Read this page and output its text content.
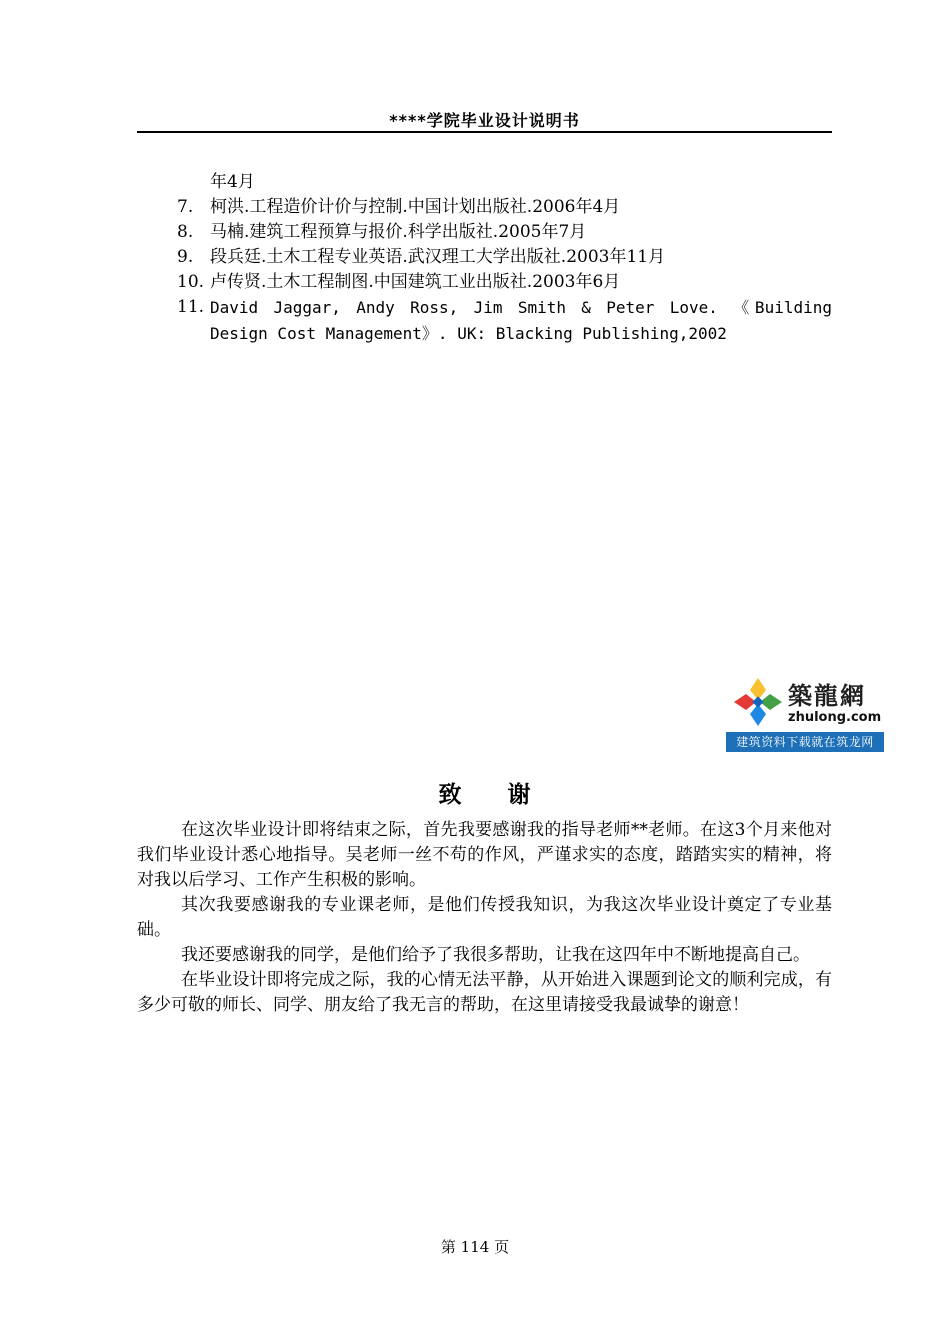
****学院毕业设计说明书
年4月
7. 柯洪.工程造价计价与控制.中国计划出版社.2006年4月
8. 马楠.建筑工程预算与报价.科学出版社.2005年7月
9. 段兵廷.土木工程专业英语.武汉理工大学出版社.2003年11月
10. 卢传贤.土木工程制图.中国建筑工业出版社.2003年6月
11. David Jaggar, Andy Ross, Jim Smith & Peter Love. 《Building Design Cost Management》. UK: Blacking Publishing,2002
築龍網
zhulong.com
建筑资料下载就在筑龙网
致　　谢

在这次毕业设计即将结束之际，首先我要感谢我的指导老师**老师。在这3个月来他对我们毕业设计悉心地指导。吴老师一丝不苟的作风，严谨求实的态度，踏踏实实的精神，将对我以后学习、工作产生积极的影响。

其次我要感谢我的专业课老师，是他们传授我知识，为我这次毕业设计奠定了专业基础。

我还要感谢我的同学，是他们给予了我很多帮助，让我在这四年中不断地提高自己。

在毕业设计即将完成之际，我的心情无法平静，从开始进入课题到论文的顺利完成，有多少可敬的师长、同学、朋友给了我无言的帮助，在这里请接受我最诚挚的谢意！

第 114 页
